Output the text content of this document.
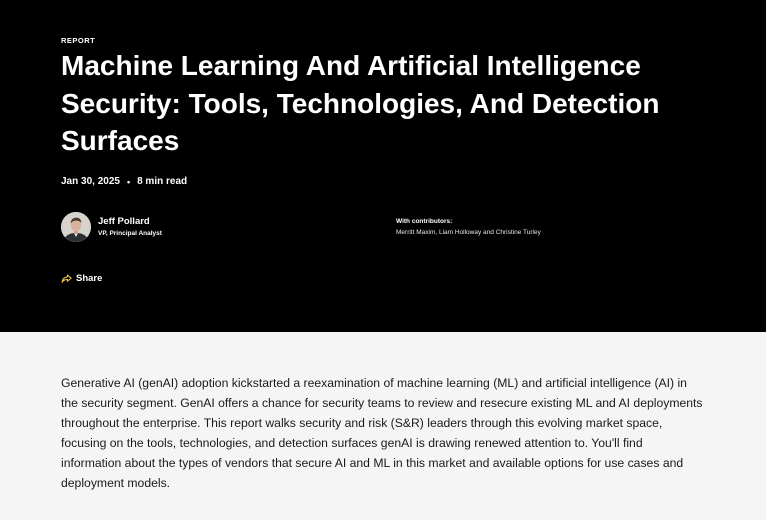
REPORT
Machine Learning And Artificial Intelligence Security: Tools, Technologies, And Detection Surfaces
Jan 30, 2025 • 8 min read
Jeff Pollard
VP, Principal Analyst
With contributors:
Merritt Maxim, Liam Holloway and Christine Turley
Share

Generative AI (genAI) adoption kickstarted a reexamination of machine learning (ML) and artificial intelligence (AI) in the security segment. GenAI offers a chance for security teams to review and resecure existing ML and AI deployments throughout the enterprise. This report walks security and risk (S&R) leaders through this evolving market space, focusing on the tools, technologies, and detection surfaces genAI is drawing renewed attention to. You'll find information about the types of vendors that secure AI and ML in this market and available options for use cases and deployment models.
